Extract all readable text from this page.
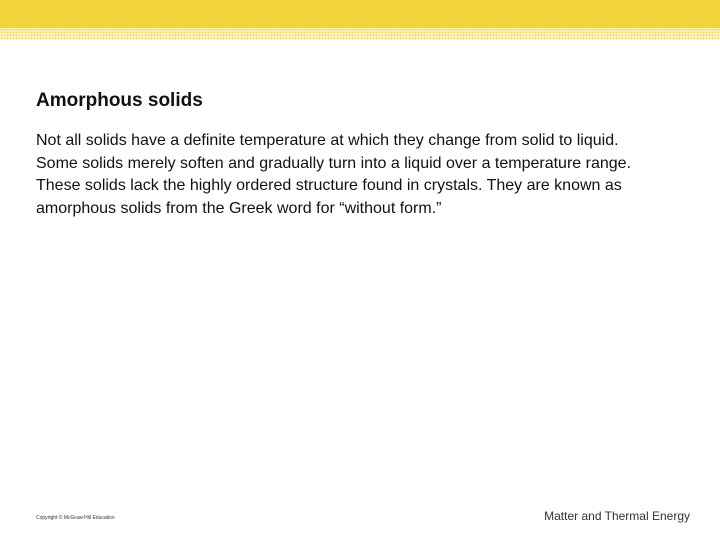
Amorphous solids

Not all solids have a definite temperature at which they change from solid to liquid. Some solids merely soften and gradually turn into a liquid over a temperature range. These solids lack the highly ordered structure found in crystals. They are known as amorphous solids from the Greek word for “without form.”

Copyright © McGraw-Hill Education	Matter and Thermal Energy
